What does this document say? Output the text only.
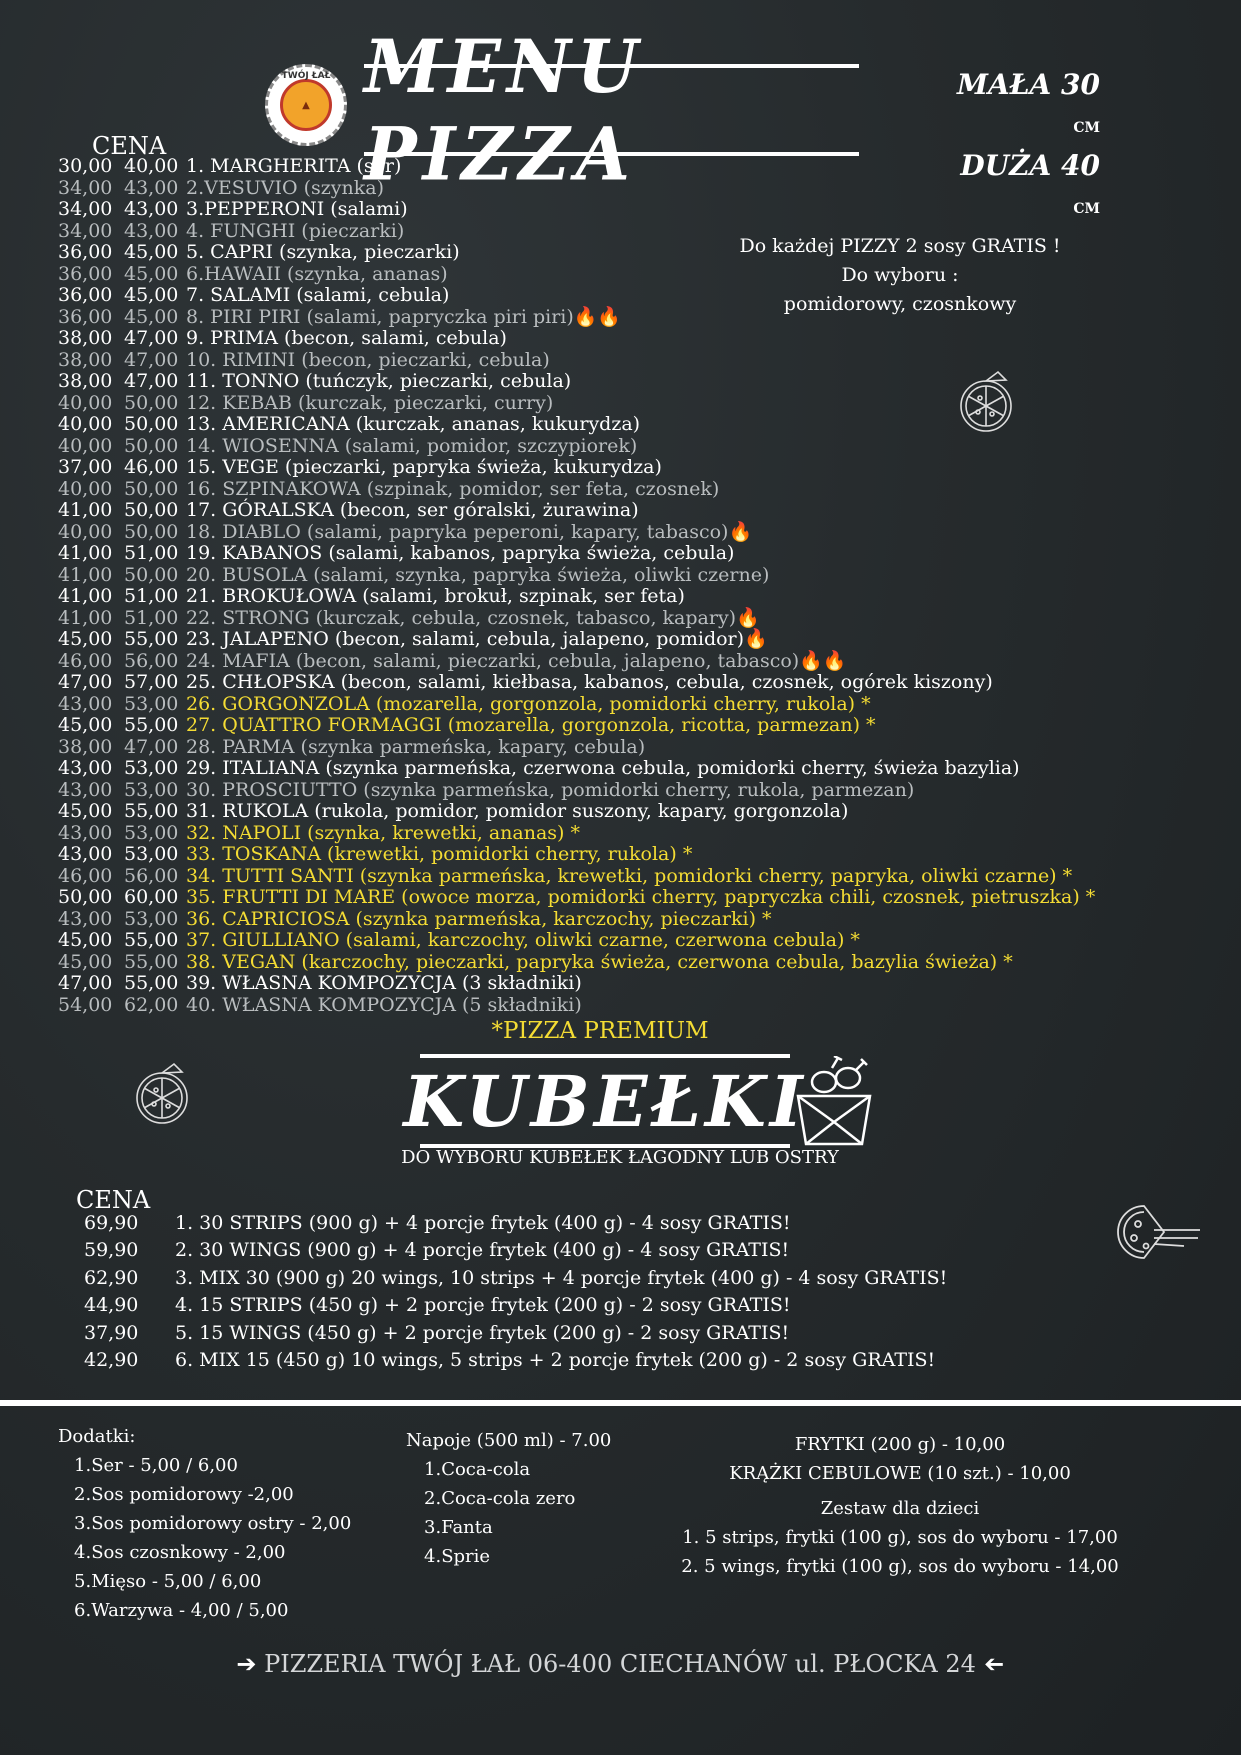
TWÓJ ŁAŁ
▲ MENU PIZZA
MAŁA 30 CM
DUŻA 40 CM
CENA
30,00 40,00 1. MARGHERITA (ser)
34,00 43,00 2.VESUVIO (szynka)
34,00 43,00 3.PEPPERONI (salami)
34,00 43,00 4. FUNGHI (pieczarki)
36,00 45,00 5. CAPRI (szynka, pieczarki)
36,00 45,00 6.HAWAII (szynka, ananas)
36,00 45,00 7. SALAMI (salami, cebula)
36,00 45,00 8. PIRI PIRI (salami, papryczka piri piri)🔥🔥
38,00 47,00 9. PRIMA (becon, salami, cebula)
38,00 47,00 10. RIMINI (becon, pieczarki, cebula)
38,00 47,00 11. TONNO (tuńczyk, pieczarki, cebula)
40,00 50,00 12. KEBAB (kurczak, pieczarki, curry)
40,00 50,00 13. AMERICANA (kurczak, ananas, kukurydza)
40,00 50,00 14. WIOSENNA (salami, pomidor, szczypiorek)
37,00 46,00 15. VEGE (pieczarki, papryka świeża, kukurydza)
40,00 50,00 16. SZPINAKOWA (szpinak, pomidor, ser feta, czosnek)
41,00 50,00 17. GÓRALSKA (becon, ser góralski, żurawina)
40,00 50,00 18. DIABLO (salami, papryka peperoni, kapary, tabasco)🔥
41,00 51,00 19. KABANOS (salami, kabanos, papryka świeża, cebula)
41,00 50,00 20. BUSOLA (salami, szynka, papryka świeża, oliwki czerne)
41,00 51,00 21. BROKUŁOWA (salami, brokuł, szpinak, ser feta)
41,00 51,00 22. STRONG (kurczak, cebula, czosnek, tabasco, kapary)🔥
45,00 55,00 23. JALAPENO (becon, salami, cebula, jalapeno, pomidor)🔥
46,00 56,00 24. MAFIA (becon, salami, pieczarki, cebula, jalapeno, tabasco)🔥🔥
47,00 57,00 25. CHŁOPSKA (becon, salami, kiełbasa, kabanos, cebula, czosnek, ogórek kiszony)
43,00 53,00 26. GORGONZOLA (mozarella, gorgonzola, pomidorki cherry, rukola) *
45,00 55,00 27. QUATTRO FORMAGGI (mozarella, gorgonzola, ricotta, parmezan) *
38,00 47,00 28. PARMA (szynka parmeńska, kapary, cebula)
43,00 53,00 29. ITALIANA (szynka parmeńska, czerwona cebula, pomidorki cherry, świeża bazylia)
43,00 53,00 30. PROSCIUTTO (szynka parmeńska, pomidorki cherry, rukola, parmezan)
45,00 55,00 31. RUKOLA (rukola, pomidor, pomidor suszony, kapary, gorgonzola)
43,00 53,00 32. NAPOLI (szynka, krewetki, ananas) *
43,00 53,00 33. TOSKANA (krewetki, pomidorki cherry, rukola) *
46,00 56,00 34. TUTTI SANTI (szynka parmeńska, krewetki, pomidorki cherry, papryka, oliwki czarne) *
50,00 60,00 35. FRUTTI DI MARE (owoce morza, pomidorki cherry, papryczka chili, czosnek, pietruszka) *
43,00 53,00 36. CAPRICIOSA (szynka parmeńska, karczochy, pieczarki) *
45,00 55,00 37. GIULLIANO (salami, karczochy, oliwki czarne, czerwona cebula) *
45,00 55,00 38. VEGAN (karczochy, pieczarki, papryka świeża, czerwona cebula, bazylia świeża) *
47,00 55,00 39. WŁASNA KOMPOZYCJA (3 składniki)
54,00 62,00 40. WŁASNA KOMPOZYCJA (5 składniki)
Do każdej PIZZY 2 sosy GRATIS !
Do wyboru :
pomidorowy, czosnkowy
*PIZZA PREMIUM
KUBEŁKI
DO WYBORU KUBEŁEK ŁAGODNY LUB OSTRY
CENA
69,90 1. 30 STRIPS (900 g) + 4 porcje frytek (400 g) - 4 sosy GRATIS!
59,90 2. 30 WINGS (900 g) + 4 porcje frytek (400 g) - 4 sosy GRATIS!
62,90 3. MIX 30 (900 g) 20 wings, 10 strips + 4 porcje frytek (400 g) - 4 sosy GRATIS!
44,90 4. 15 STRIPS (450 g) + 2 porcje frytek (200 g) - 2 sosy GRATIS!
37,90 5. 15 WINGS (450 g) + 2 porcje frytek (200 g) - 2 sosy GRATIS!
42,90 6. MIX 15 (450 g) 10 wings, 5 strips + 2 porcje frytek (200 g) - 2 sosy GRATIS!
Dodatki:
1.Ser - 5,00 / 6,00
2.Sos pomidorowy -2,00
3.Sos pomidorowy ostry - 2,00
4.Sos czosnkowy - 2,00
5.Mięso - 5,00 / 6,00
6.Warzywa - 4,00 / 5,00
Napoje (500 ml) - 7.00
1.Coca-cola
2.Coca-cola zero
3.Fanta
4.Sprie
FRYTKI (200 g) - 10,00
KRĄŻKI CEBULOWE (10 szt.) - 10,00
Zestaw dla dzieci
1. 5 strips, frytki (100 g), sos do wyboru - 17,00
2. 5 wings, frytki (100 g), sos do wyboru - 14,00
➔ PIZZERIA TWÓJ ŁAŁ 06-400 CIECHANÓW ul. PŁOCKA 24 ➔
